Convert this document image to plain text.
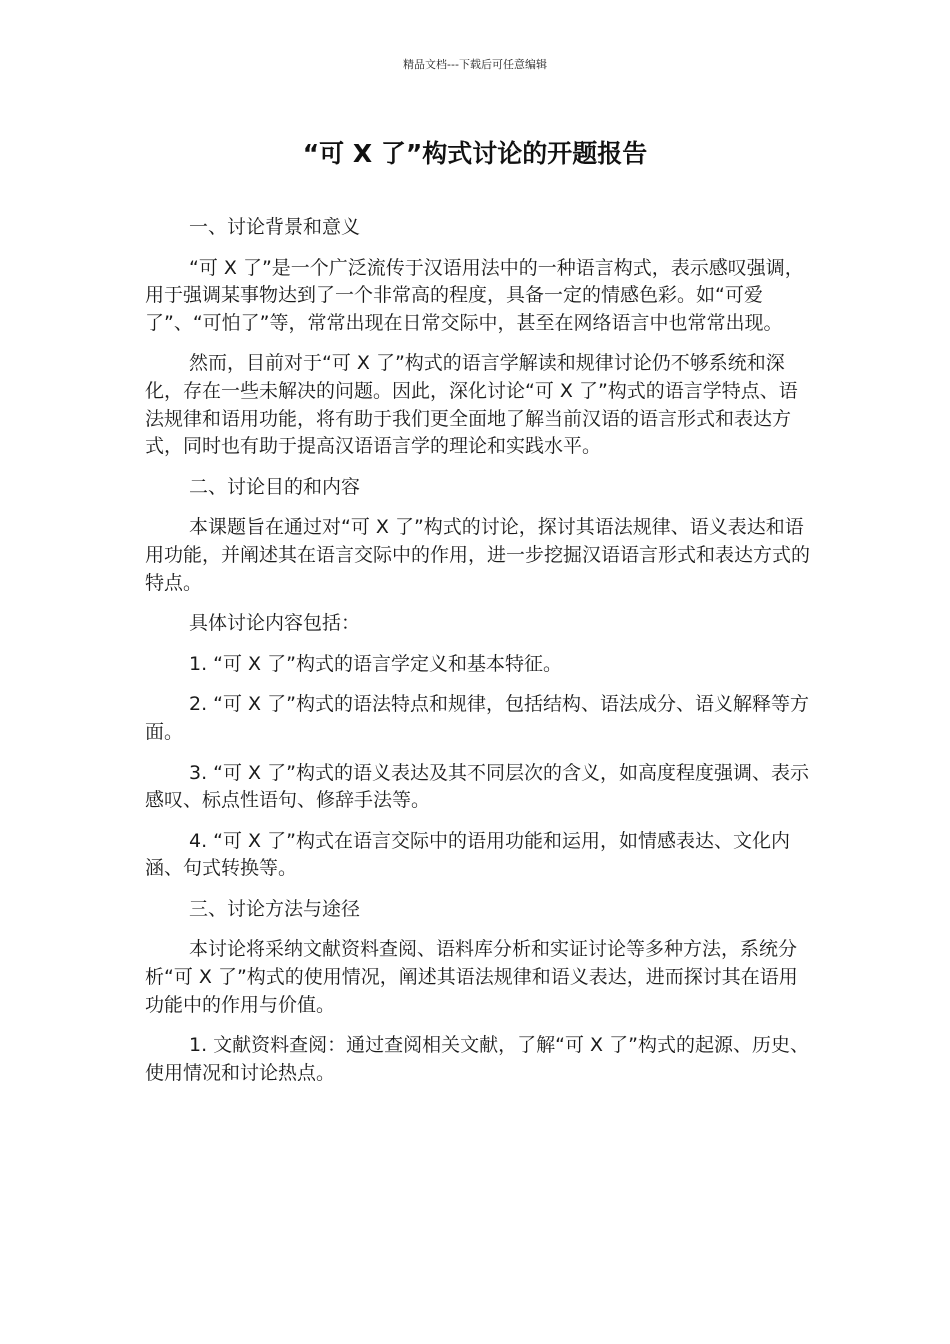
精品文档---下载后可任意编辑
“可 X 了”构式讨论的开题报告

一、讨论背景和意义

“可 X 了”是一个广泛流传于汉语用法中的一种语言构式，表示感叹强调，用于强调某事物达到了一个非常高的程度，具备一定的情感色彩。如“可爱了”、“可怕了”等，常常出现在日常交际中，甚至在网络语言中也常常出现。

然而，目前对于“可 X 了”构式的语言学解读和规律讨论仍不够系统和深化，存在一些未解决的问题。因此，深化讨论“可 X 了”构式的语言学特点、语法规律和语用功能，将有助于我们更全面地了解当前汉语的语言形式和表达方式，同时也有助于提高汉语语言学的理论和实践水平。

二、讨论目的和内容

本课题旨在通过对“可 X 了”构式的讨论，探讨其语法规律、语义表达和语用功能，并阐述其在语言交际中的作用，进一步挖掘汉语语言形式和表达方式的特点。

具体讨论内容包括：

1. “可 X 了”构式的语言学定义和基本特征。

2. “可 X 了”构式的语法特点和规律，包括结构、语法成分、语义解释等方面。

3. “可 X 了”构式的语义表达及其不同层次的含义，如高度程度强调、表示感叹、标点性语句、修辞手法等。

4. “可 X 了”构式在语言交际中的语用功能和运用，如情感表达、文化内涵、句式转换等。

三、讨论方法与途径

本讨论将采纳文献资料查阅、语料库分析和实证讨论等多种方法，系统分析“可 X 了”构式的使用情况，阐述其语法规律和语义表达，进而探讨其在语用功能中的作用与价值。

1. 文献资料查阅：通过查阅相关文献，了解“可 X 了”构式的起源、历史、使用情况和讨论热点。
